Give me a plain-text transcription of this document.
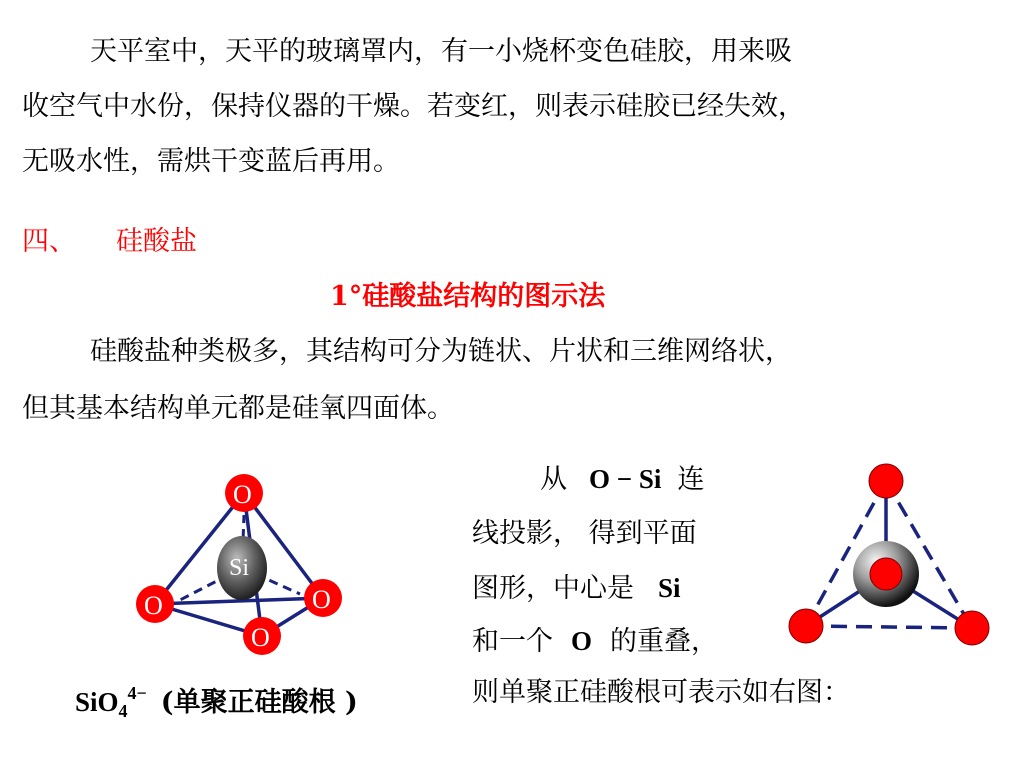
天平室中，天平的玻璃罩内，有一小烧杯变色硅胶，用来吸
收空气中水份，保持仪器的干燥。若变红，则表示硅胶已经失效，
无吸水性，需烘干变蓝后再用。
四、 硅酸盐
1°硅酸盐结构的图示法
硅酸盐种类极多，其结构可分为链状、片状和三维网络状，
但其基本结构单元都是硅氧四面体。
Si
O
O	O
O
SiO$_4^{4-}$ (单聚正硅酸根 )
从 O − Si 连
线投影， 得到平面
图形，中心是 Si
和一个 O 的重叠，
则单聚正硅酸根可表示如右图：
